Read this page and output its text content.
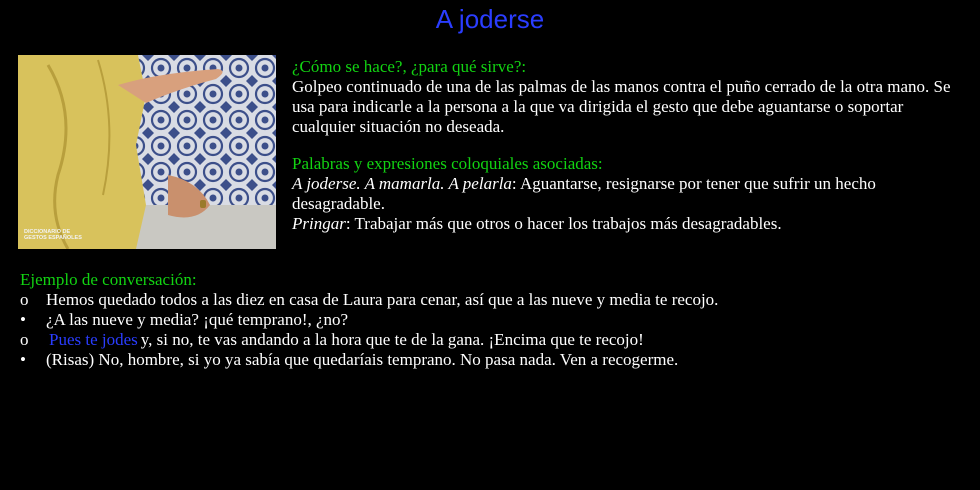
A joderse
DICCIONARIO DE
GESTOS ESPAÑOLES
¿Cómo se hace?, ¿para qué sirve?:
Golpeo continuado de una de las palmas de las manos contra el puño cerrado de la otra mano. Se usa para indicarle a la persona a la que va dirigida el gesto que debe aguantarse o soportar cualquier situación no deseada.
Palabras y expresiones coloquiales asociadas:
A joderse. A mamarla. A pelarla: Aguantarse, resignarse por tener que sufrir un hecho desagradable.
Pringar: Trabajar más que otros o hacer los trabajos más desagradables.
Ejemplo de conversación:
o	Hemos quedado todos a las diez en casa de Laura para cenar, así que a las nueve y media te recojo.
•	¿A las nueve y media? ¡qué temprano!, ¿no?
o	Pues te jodes y, si no, te vas andando a la hora que te de la gana. ¡Encima que te recojo!
•	(Risas) No, hombre, si yo ya sabía que quedaríais temprano. No pasa nada. Ven a recogerme.
